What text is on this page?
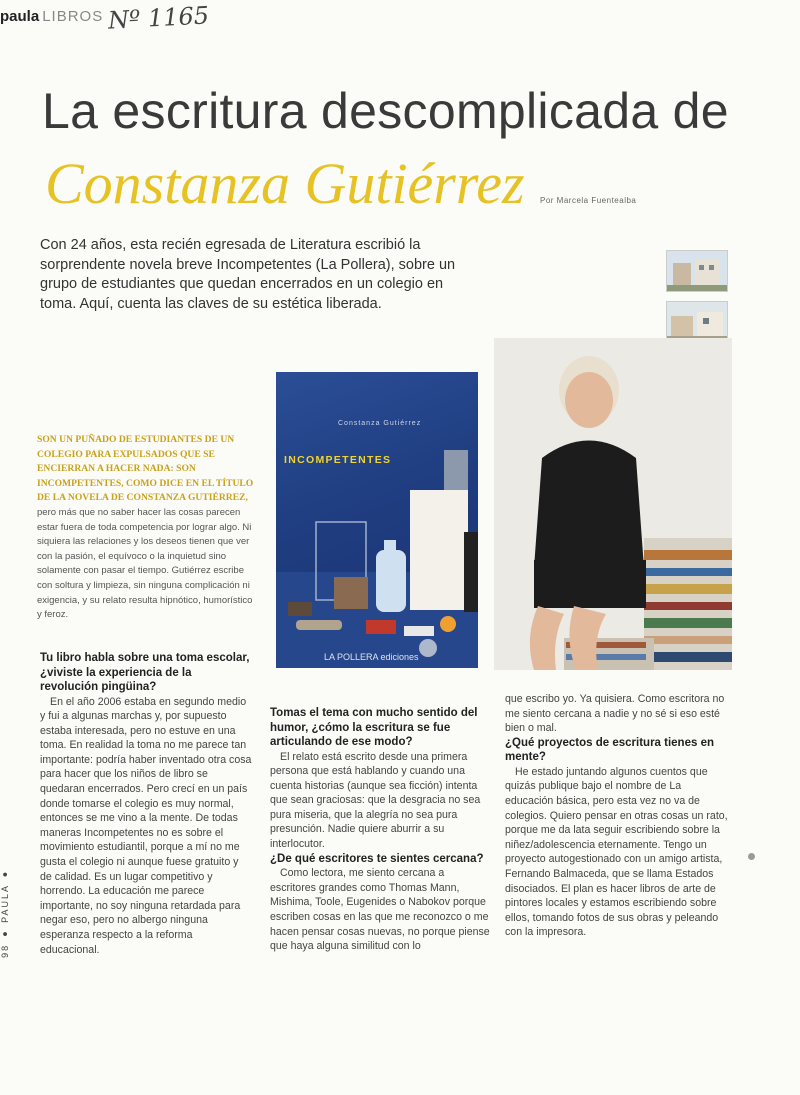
paula LIBROS Nº 1165
La escritura descomplicada de
Constanza Gutiérrez Por Marcela Fuentealba
Con 24 años, esta recién egresada de Literatura escribió la sorprendente novela breve Incompetentes (La Pollera), sobre un grupo de estudiantes que quedan encerrados en un colegio en toma. Aquí, cuenta las claves de su estética liberada.

Constanza Gutiérrez
INCOMPETENTES
LA POLLERA ediciones
SON UN PUÑADO DE ESTUDIANTES DE UN COLEGIO PARA EXPULSADOS QUE SE ENCIERRAN A HACER NADA: SON INCOMPETENTES, COMO DICE EN EL TÍTULO DE LA NOVELA DE CONSTANZA GUTIÉRREZ, pero más que no saber hacer las cosas parecen estar fuera de toda competencia por lograr algo. Ni siquiera las relaciones y los deseos tienen que ver con la pasión, el equívoco o la inquietud sino solamente con pasar el tiempo. Gutiérrez escribe con soltura y limpieza, sin ninguna complicación ni exigencia, y su relato resulta hipnótico, humorístico y feroz.
Tu libro habla sobre una toma escolar, ¿viviste la experiencia de la revolución pingüina?

En el año 2006 estaba en segundo medio y fui a algunas marchas y, por supuesto estaba interesada, pero no estuve en una toma. En realidad la toma no me parece tan importante: podría haber inventado otra cosa para hacer que los niños de libro se quedaran encerrados. Pero crecí en un país donde tomarse el colegio es muy normal, entonces se me vino a la mente. De todas maneras Incompetentes no es sobre el movimiento estudiantil, porque a mí no me gusta el colegio ni aunque fuese gratuito y de calidad. Es un lugar competitivo y horrendo. La educación me parece importante, no soy ninguna retardada para negar eso, pero no albergo ninguna esperanza respecto a la reforma educacional.

Tomas el tema con mucho sentido del humor, ¿cómo la escritura se fue articulando de ese modo?

El relato está escrito desde una primera persona que está hablando y cuando una cuenta historias (aunque sea ficción) intenta que sean graciosas: que la desgracia no sea pura miseria, que la alegría no sea pura presunción. Nadie quiere aburrir a su interlocutor.

¿De qué escritores te sientes cercana?

Como lectora, me siento cercana a escritores grandes como Thomas Mann, Mishima, Toole, Eugenides o Nabokov porque escriben cosas en las que me reconozco o me hacen pensar cosas nuevas, no porque piense que haya alguna similitud con lo

que escribo yo. Ya quisiera. Como escritora no me siento cercana a nadie y no sé si eso esté bien o mal.

¿Qué proyectos de escritura tienes en mente?

He estado juntando algunos cuentos que quizás publique bajo el nombre de La educación básica, pero esta vez no va de colegios. Quiero pensar en otras cosas un rato, porque me da lata seguir escribiendo sobre la niñez/adolescencia eternamente. Tengo un proyecto autogestionado con un amigo artista, Fernando Balmaceda, que se llama Estados disociados. El plan es hacer libros de arte de pintores locales y estamos escribiendo sobre ellos, tomando fotos de sus obras y peleando con la impresora.

98 ● PAULA ●
